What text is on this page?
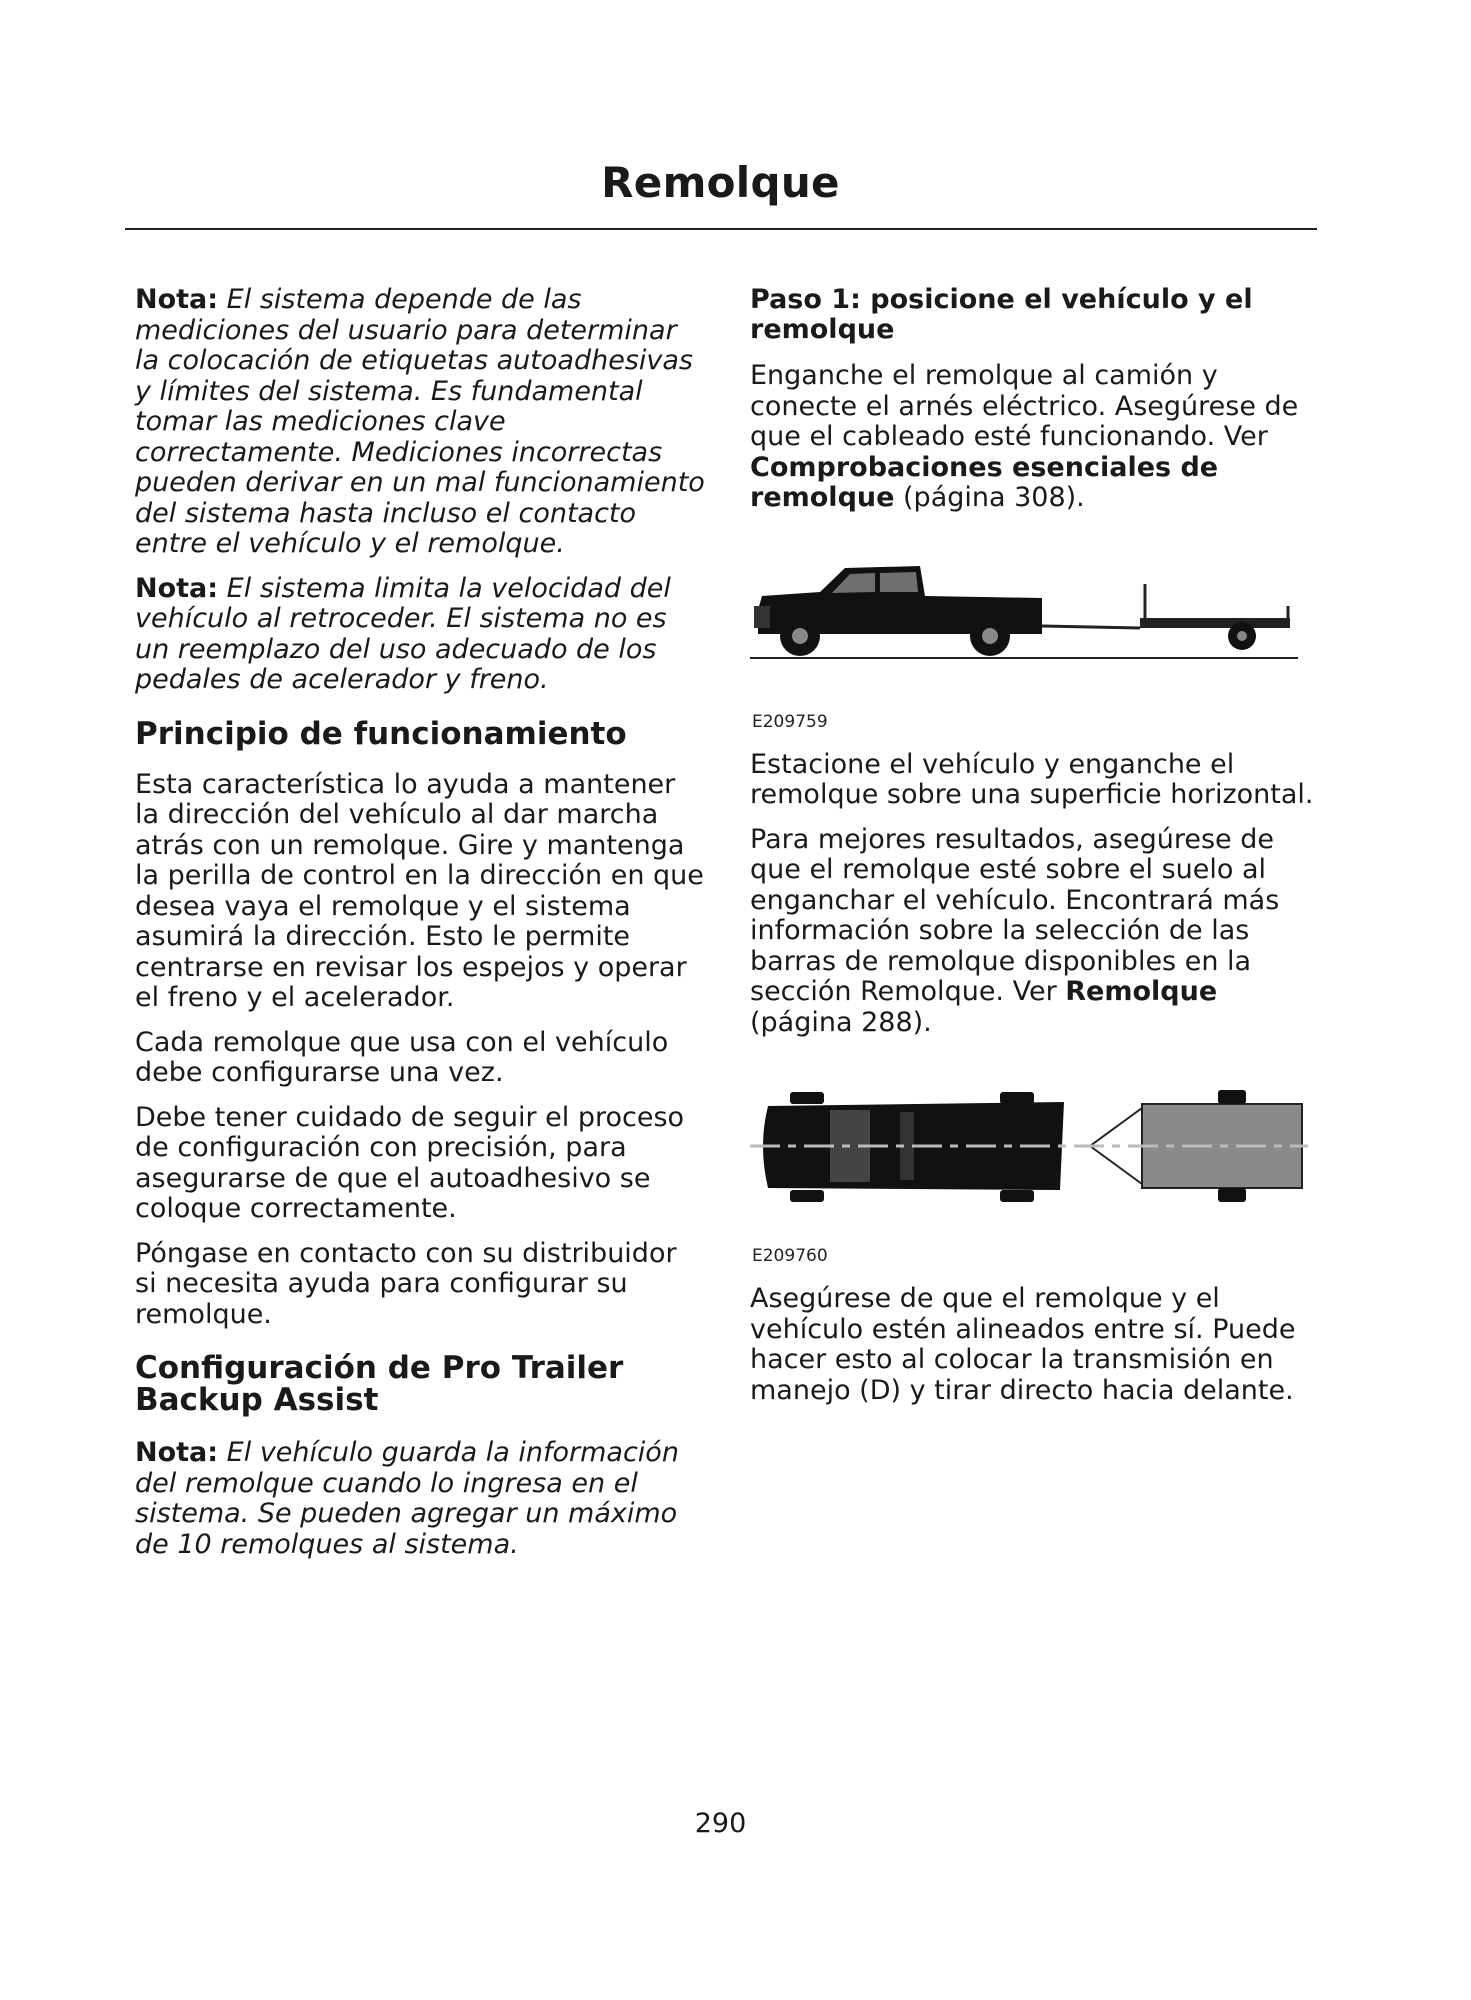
Remolque

Nota: El sistema depende de las mediciones del usuario para determinar la colocación de etiquetas autoadhesivas y límites del sistema. Es fundamental tomar las mediciones clave correctamente. Mediciones incorrectas pueden derivar en un mal funcionamiento del sistema hasta incluso el contacto entre el vehículo y el remolque.

Nota: El sistema limita la velocidad del vehículo al retroceder. El sistema no es un reemplazo del uso adecuado de los pedales de acelerador y freno.

Principio de funcionamiento

Esta característica lo ayuda a mantener la dirección del vehículo al dar marcha atrás con un remolque. Gire y mantenga la perilla de control en la dirección en que desea vaya el remolque y el sistema asumirá la dirección. Esto le permite centrarse en revisar los espejos y operar el freno y el acelerador.

Cada remolque que usa con el vehículo debe configurarse una vez.

Debe tener cuidado de seguir el proceso de configuración con precisión, para asegurarse de que el autoadhesivo se coloque correctamente.

Póngase en contacto con su distribuidor si necesita ayuda para configurar su remolque.

Configuración de Pro Trailer Backup Assist

Nota: El vehículo guarda la información del remolque cuando lo ingresa en el sistema. Se pueden agregar un máximo de 10 remolques al sistema.

Paso 1: posicione el vehículo y el remolque

Enganche el remolque al camión y conecte el arnés eléctrico. Asegúrese de que el cableado esté funcionando. Ver Comprobaciones esenciales de remolque (página 308).

E209759

Estacione el vehículo y enganche el remolque sobre una superficie horizontal.

Para mejores resultados, asegúrese de que el remolque esté sobre el suelo al enganchar el vehículo. Encontrará más información sobre la selección de las barras de remolque disponibles en la sección Remolque. Ver Remolque (página 288).

E209760

Asegúrese de que el remolque y el vehículo estén alineados entre sí. Puede hacer esto al colocar la transmisión en manejo (D) y tirar directo hacia delante.

290
